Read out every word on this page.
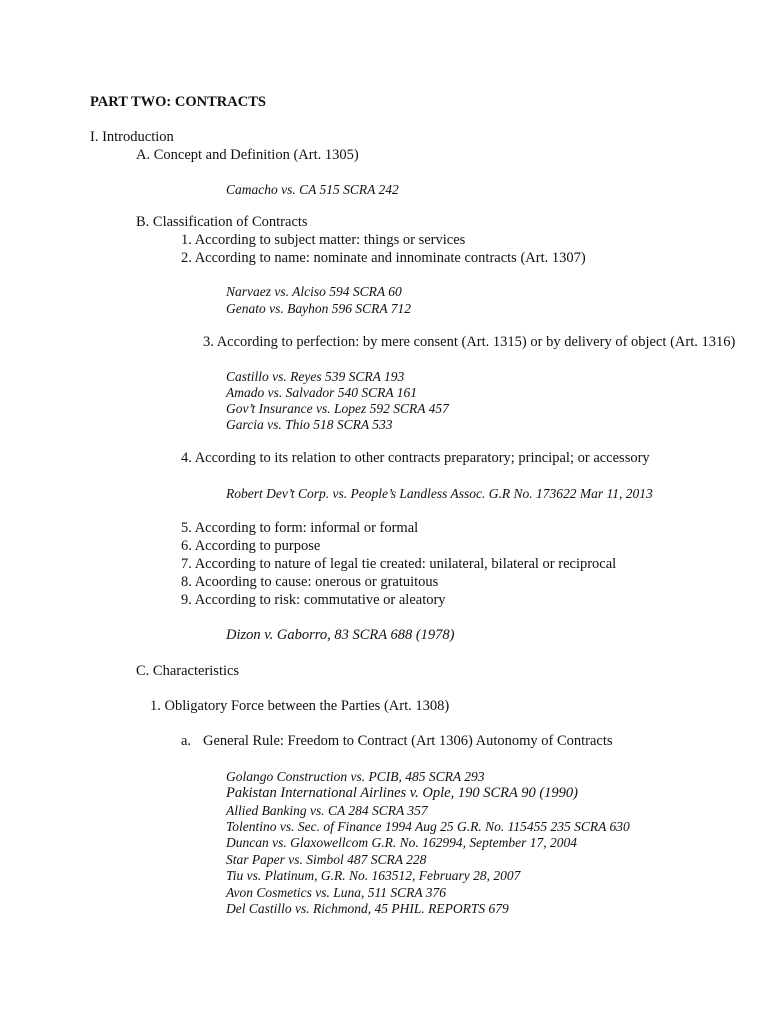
PART TWO: CONTRACTS
I. Introduction
A. Concept and Definition (Art. 1305)
Camacho vs. CA 515 SCRA 242
B. Classification of Contracts
1. According to subject matter: things or services
2. According to name: nominate and innominate contracts (Art. 1307)
Narvaez vs. Alciso 594 SCRA 60
Genato vs. Bayhon 596 SCRA 712
3. According to perfection: by mere consent (Art. 1315) or by delivery of object (Art. 1316)
Castillo vs. Reyes 539 SCRA 193
Amado vs. Salvador 540 SCRA 161
Gov’t Insurance vs. Lopez 592 SCRA 457
Garcia vs. Thio 518 SCRA 533
4. According to its relation to other contracts preparatory; principal; or accessory
Robert Dev’t Corp. vs. People’s Landless Assoc. G.R No. 173622 Mar 11, 2013
5. According to form: informal or formal
6. According to purpose
7. According to nature of legal tie created: unilateral, bilateral or reciprocal
8. Acoording to cause: onerous or gratuitous
9. According to risk: commutative or aleatory
Dizon v. Gaborro, 83 SCRA 688 (1978)
C. Characteristics
1. Obligatory Force between the Parties (Art. 1308)
a. General Rule: Freedom to Contract (Art 1306) Autonomy of Contracts
Golango Construction vs. PCIB, 485 SCRA 293
Pakistan International Airlines v. Ople, 190 SCRA 90 (1990)
Allied Banking vs. CA 284 SCRA 357
Tolentino vs. Sec. of Finance 1994 Aug 25 G.R. No. 115455 235 SCRA 630
Duncan vs. Glaxowellcom G.R. No. 162994, September 17, 2004
Star Paper vs. Simbol 487 SCRA 228
Tiu vs. Platinum, G.R. No. 163512, February 28, 2007
Avon Cosmetics vs. Luna, 511 SCRA 376
Del Castillo vs. Richmond, 45 PHIL. REPORTS 679
